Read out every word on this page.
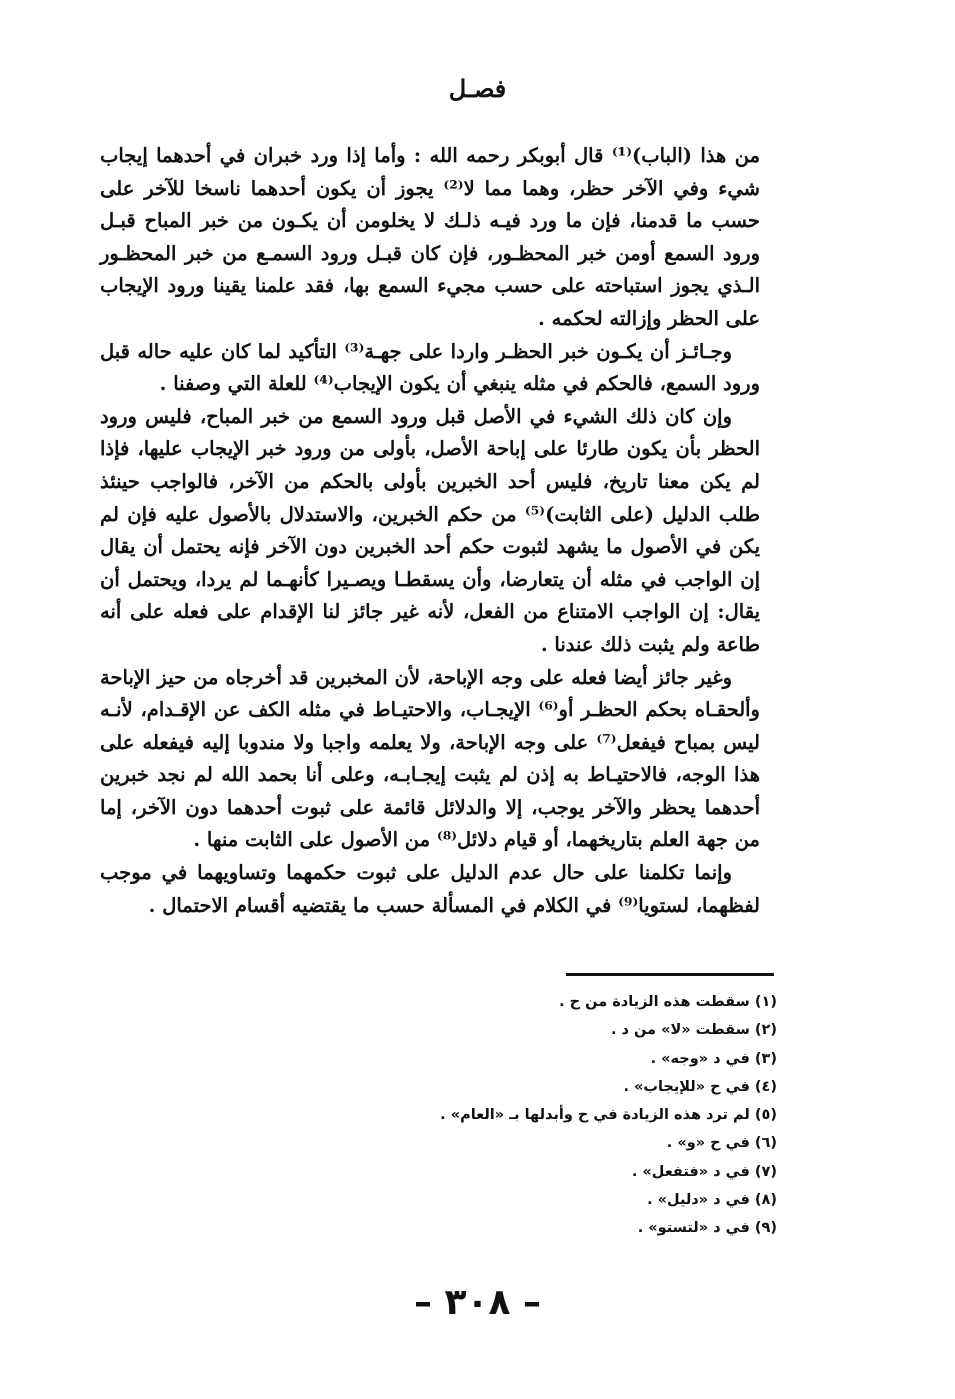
فصـل

من هذا (الباب)⁽¹⁾ قال أبوبكر رحمه الله : وأما إذا ورد خبران في أحدهما إيجاب شيء وفي الآخر حظر، وهما مما لا⁽²⁾ يجوز أن يكون أحدهما ناسخا للآخر على حسب ما قدمنا، فإن ما ورد فيـه ذلـك لا يخلومن أن يكـون من خبر المباح قبـل ورود السمع أومن خبر المحظـور، فإن كان قبـل ورود السمـع من خبر المحظـور الـذي يجوز استباحته على حسب مجيء السمع بها، فقد علمنا يقينا ورود الإيجاب على الحظر وإزالته لحكمه .

وجـائـز أن يكـون خبر الحظـر واردا على جهـة⁽³⁾ التأكيد لما كان عليه حاله قبل ورود السمع، فالحكم في مثله ينبغي أن يكون الإيجاب⁽⁴⁾ للعلة التي وصفنا .

وإن كان ذلك الشيء في الأصل قبل ورود السمع من خبر المباح، فليس ورود الحظر بأن يكون طارئا على إباحة الأصل، بأولى من ورود خبر الإيجاب عليها، فإذا لم يكن معنا تاريخ، فليس أحد الخبرين بأولى بالحكم من الآخر، فالواجب حينئذ طلب الدليل (على الثابت)⁽⁵⁾ من حكم الخبرين، والاستدلال بالأصول عليه فإن لم يكن في الأصول ما يشهد لثبوت حكم أحد الخبرين دون الآخر فإنه يحتمل أن يقال إن الواجب في مثله أن يتعارضا، وأن يسقطـا ويصـيرا كأنهـما لم يردا، ويحتمل أن يقال: إن الواجب الامتناع من الفعل، لأنه غير جائز لنا الإقدام على فعله على أنه طاعة ولم يثبت ذلك عندنا .

وغير جائز أيضا فعله على وجه الإباحة، لأن المخبرين قد أخرجاه من حيز الإباحة وألحقـاه بحكم الحظـر أو⁽⁶⁾ الإيجـاب، والاحتيـاط في مثله الكف عن الإقـدام، لأنـه ليس بمباح فيفعل⁽⁷⁾ على وجه الإباحة، ولا يعلمه واجبا ولا مندوبا إليه فيفعله على هذا الوجه، فالاحتيـاط به إذن لم يثبت إيجـابـه، وعلى أنا بحمد الله لم نجد خبرين أحدهما يحظر والآخر يوجب، إلا والدلائل قائمة على ثبوت أحدهما دون الآخر، إما من جهة العلم بتاريخهما، أو قيام دلائل⁽⁸⁾ من الأصول على الثابت منها .

وإنما تكلمنا على حال عدم الدليل على ثبوت حكمهما وتساويهما في موجب لفظهما، لستويا⁽⁹⁾ في الكلام في المسألة حسب ما يقتضيه أقسام الاحتمال .

(١) سقطت هذه الزيادة من ح .
(٢) سقطت «لا» من د .
(٣) في د «وجه» .
(٤) في ح «للإيجاب» .
(٥) لم ترد هذه الزيادة في ح وأبدلها بـ «العام» .
(٦) في ح «و» .
(٧) في د «فتفعل» .
(٨) في د «دليل» .
(٩) في د «لتستو» .
– ٣٠٨ –
